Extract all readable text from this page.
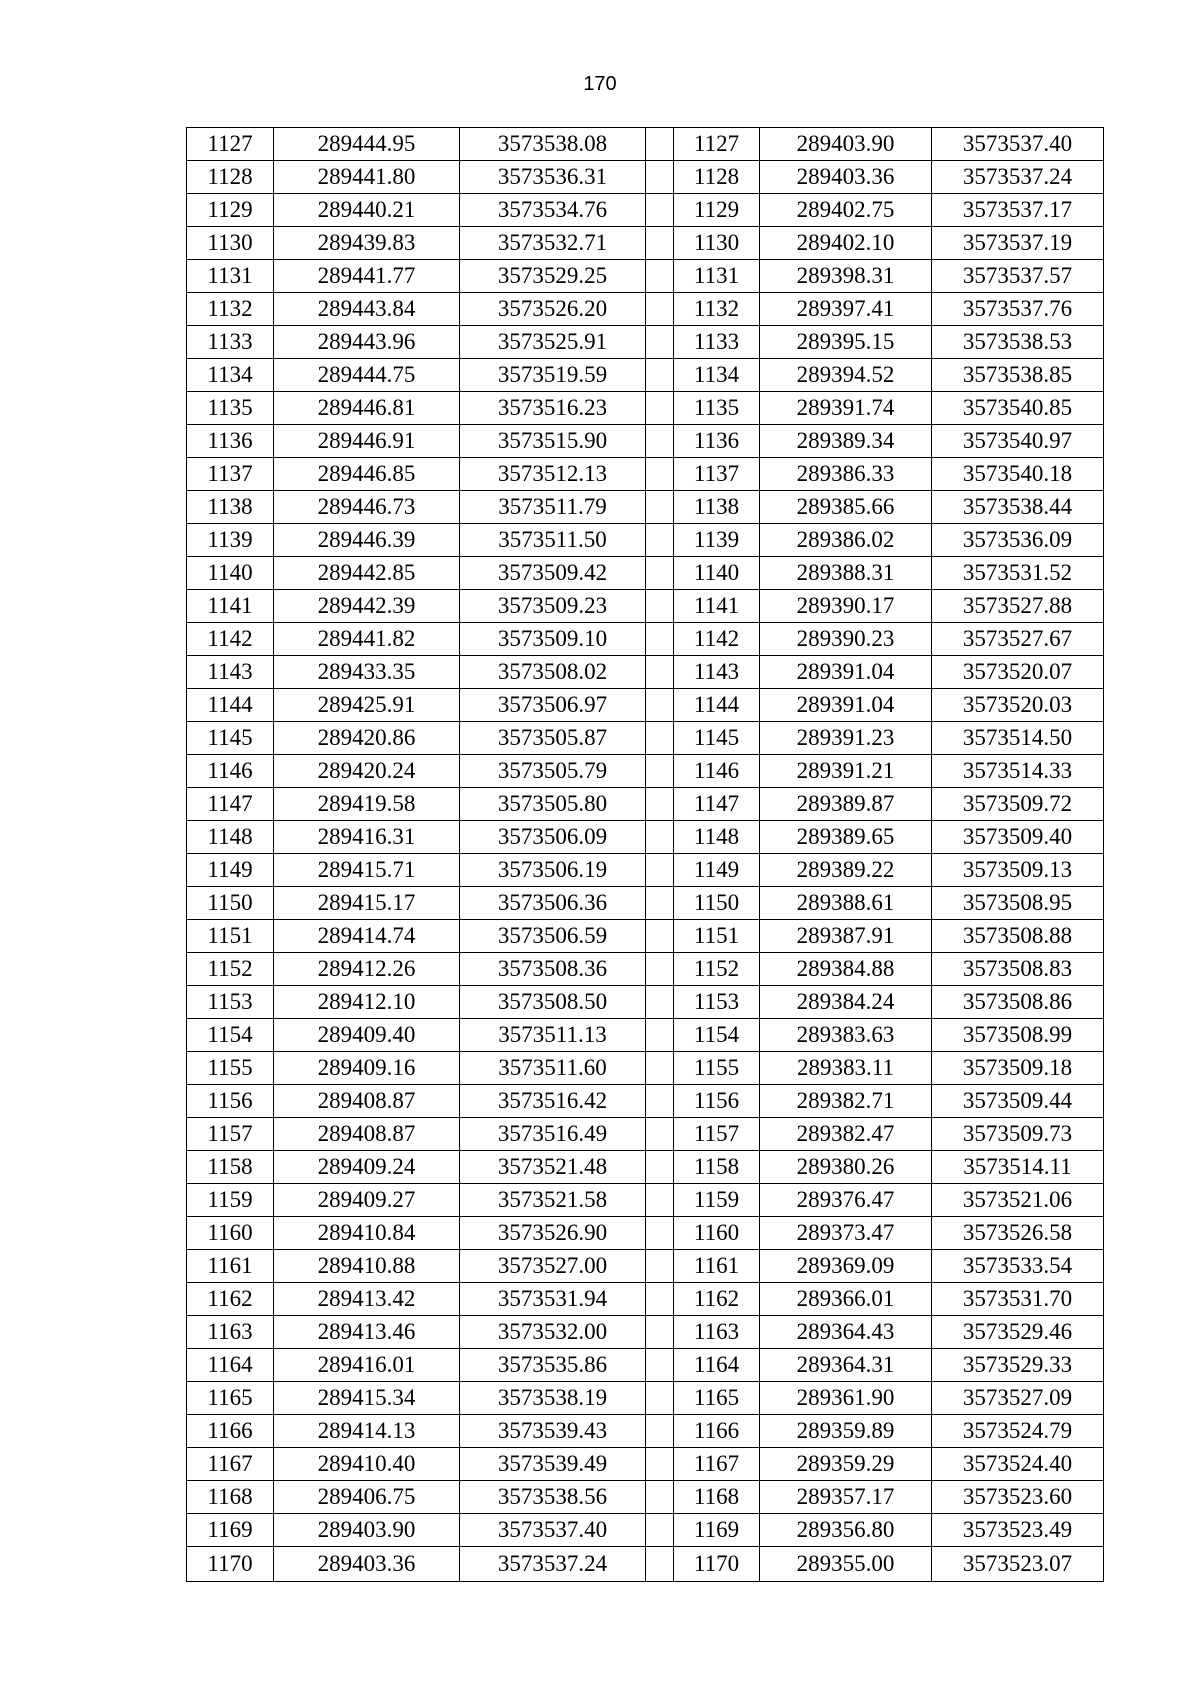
170
1127	289444.95	3573538.08		1127	289403.90	3573537.40
1128	289441.80	3573536.31		1128	289403.36	3573537.24
1129	289440.21	3573534.76		1129	289402.75	3573537.17
1130	289439.83	3573532.71		1130	289402.10	3573537.19
1131	289441.77	3573529.25		1131	289398.31	3573537.57
1132	289443.84	3573526.20		1132	289397.41	3573537.76
1133	289443.96	3573525.91		1133	289395.15	3573538.53
1134	289444.75	3573519.59		1134	289394.52	3573538.85
1135	289446.81	3573516.23		1135	289391.74	3573540.85
1136	289446.91	3573515.90		1136	289389.34	3573540.97
1137	289446.85	3573512.13		1137	289386.33	3573540.18
1138	289446.73	3573511.79		1138	289385.66	3573538.44
1139	289446.39	3573511.50		1139	289386.02	3573536.09
1140	289442.85	3573509.42		1140	289388.31	3573531.52
1141	289442.39	3573509.23		1141	289390.17	3573527.88
1142	289441.82	3573509.10		1142	289390.23	3573527.67
1143	289433.35	3573508.02		1143	289391.04	3573520.07
1144	289425.91	3573506.97		1144	289391.04	3573520.03
1145	289420.86	3573505.87		1145	289391.23	3573514.50
1146	289420.24	3573505.79		1146	289391.21	3573514.33
1147	289419.58	3573505.80		1147	289389.87	3573509.72
1148	289416.31	3573506.09		1148	289389.65	3573509.40
1149	289415.71	3573506.19		1149	289389.22	3573509.13
1150	289415.17	3573506.36		1150	289388.61	3573508.95
1151	289414.74	3573506.59		1151	289387.91	3573508.88
1152	289412.26	3573508.36		1152	289384.88	3573508.83
1153	289412.10	3573508.50		1153	289384.24	3573508.86
1154	289409.40	3573511.13		1154	289383.63	3573508.99
1155	289409.16	3573511.60		1155	289383.11	3573509.18
1156	289408.87	3573516.42		1156	289382.71	3573509.44
1157	289408.87	3573516.49		1157	289382.47	3573509.73
1158	289409.24	3573521.48		1158	289380.26	3573514.11
1159	289409.27	3573521.58		1159	289376.47	3573521.06
1160	289410.84	3573526.90		1160	289373.47	3573526.58
1161	289410.88	3573527.00		1161	289369.09	3573533.54
1162	289413.42	3573531.94		1162	289366.01	3573531.70
1163	289413.46	3573532.00		1163	289364.43	3573529.46
1164	289416.01	3573535.86		1164	289364.31	3573529.33
1165	289415.34	3573538.19		1165	289361.90	3573527.09
1166	289414.13	3573539.43		1166	289359.89	3573524.79
1167	289410.40	3573539.49		1167	289359.29	3573524.40
1168	289406.75	3573538.56		1168	289357.17	3573523.60
1169	289403.90	3573537.40		1169	289356.80	3573523.49
1170	289403.36	3573537.24		1170	289355.00	3573523.07
